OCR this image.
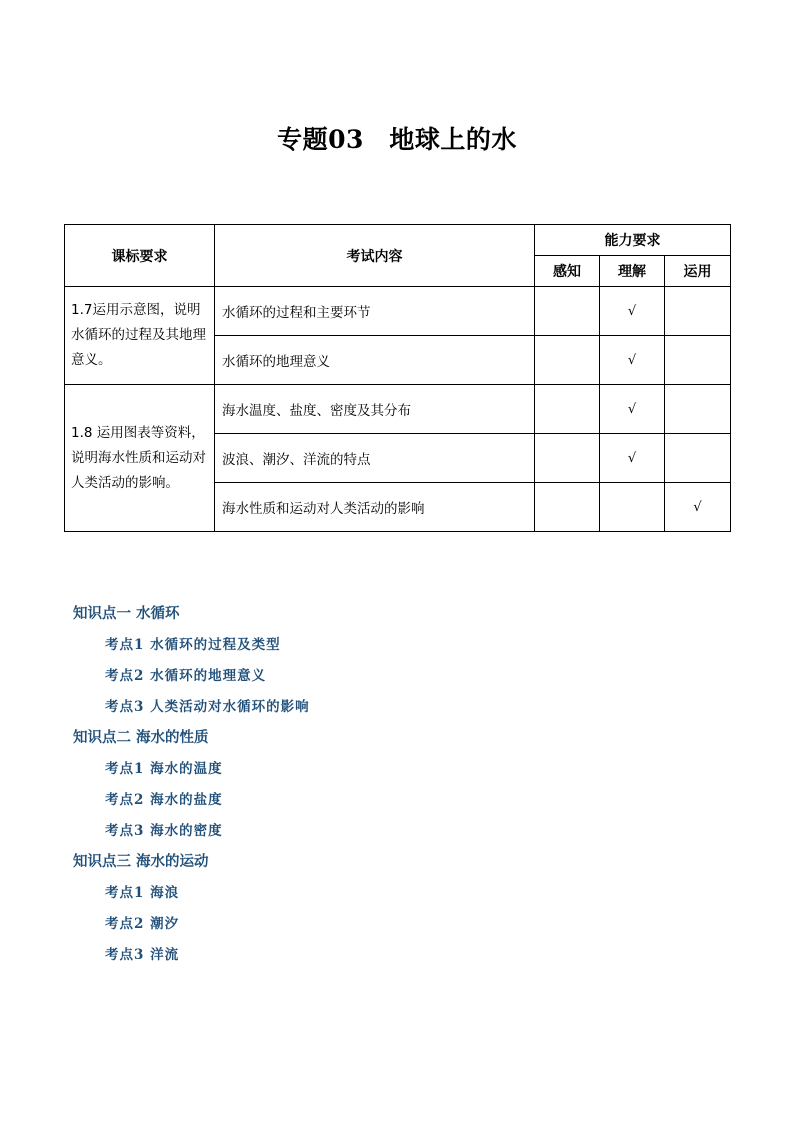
专题03　地球上的水
课标要求	考试内容	能力要求		
		感知	理解	运用
1.7运用示意图，说明水循环的过程及其地理意义。	水循环的过程和主要环节		√	
	水循环的地理意义		√	
1.8 运用图表等资料，说明海水性质和运动对人类活动的影响。	海水温度、盐度、密度及其分布		√	
	波浪、潮汐、洋流的特点		√	
	海水性质和运动对人类活动的影响			√
知识点一 水循环
考点1 水循环的过程及类型
考点2 水循环的地理意义
考点3 人类活动对水循环的影响
知识点二 海水的性质
考点1 海水的温度
考点2 海水的盐度
考点3 海水的密度
知识点三 海水的运动
考点1 海浪
考点2 潮汐
考点3 洋流
